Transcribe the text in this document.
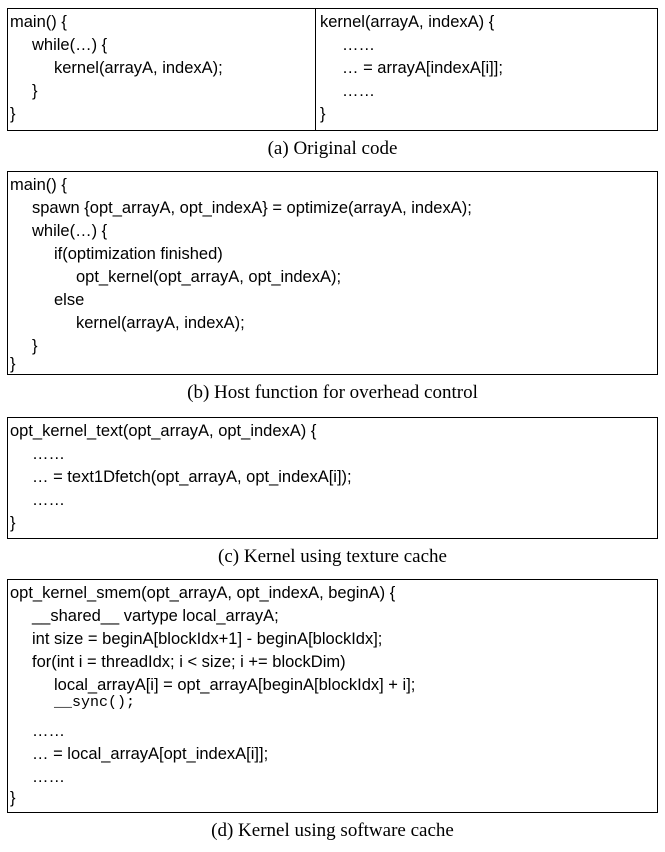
main() {
while(…) {
kernel(arrayA, indexA);
}
}
kernel(arrayA, indexA) {
……
… = arrayA[indexA[i]];
……
}
(a) Original code
main() {
spawn {opt_arrayA, opt_indexA} = optimize(arrayA, indexA);
while(…) {
if(optimization finished)
opt_kernel(opt_arrayA, opt_indexA);
else
kernel(arrayA, indexA);
}
}
(b) Host function for overhead control
opt_kernel_text(opt_arrayA, opt_indexA) {
……
… = text1Dfetch(opt_arrayA, opt_indexA[i]);
……
}
(c) Kernel using texture cache
opt_kernel_smem(opt_arrayA, opt_indexA, beginA) {
__shared__ vartype local_arrayA;
int size = beginA[blockIdx+1] - beginA[blockIdx];
for(int i = threadIdx; i < size; i += blockDim)
local_arrayA[i] = opt_arrayA[beginA[blockIdx] + i];
__sync();
……
… = local_arrayA[opt_indexA[i]];
……
}
(d) Kernel using software cache
